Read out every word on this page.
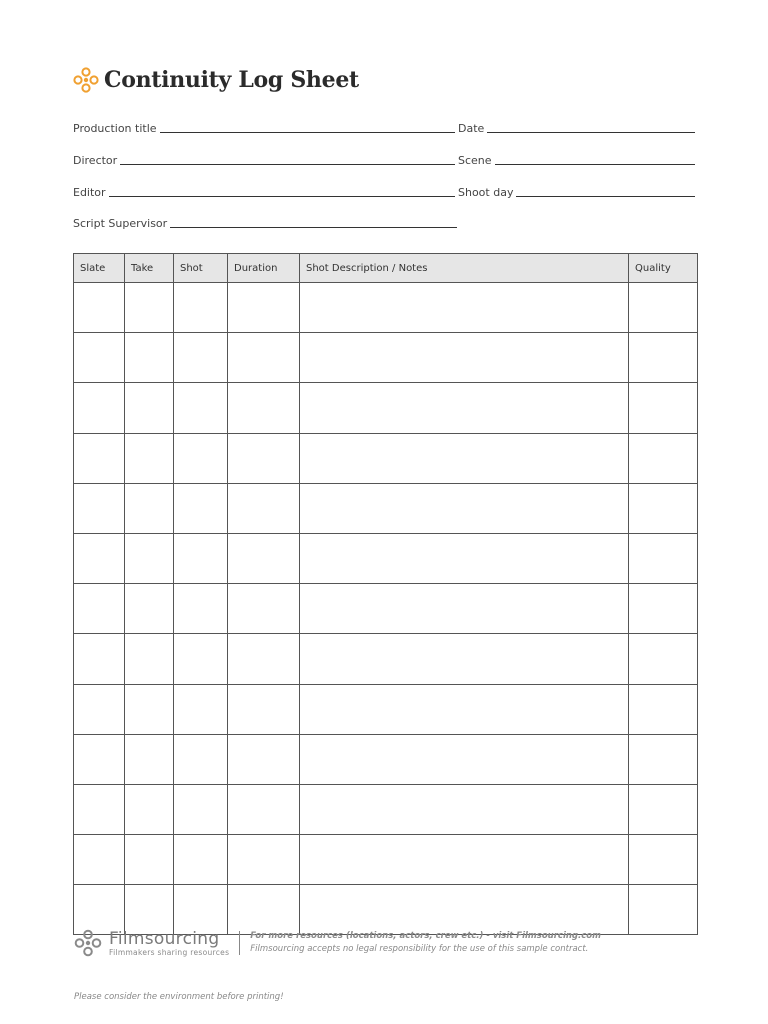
Continuity Log Sheet
Production title	Date
Director	Scene
Editor	Shoot day
Script Supervisor
Slate	Take	Shot	Duration	Shot Description / Notes	Quality

Filmsourcing
Filmmakers sharing resources
For more resources (locations, actors, crew etc.) - visit Filmsourcing.com
Filmsourcing accepts no legal responsibility for the use of this sample contract.
Please consider the environment before printing!
